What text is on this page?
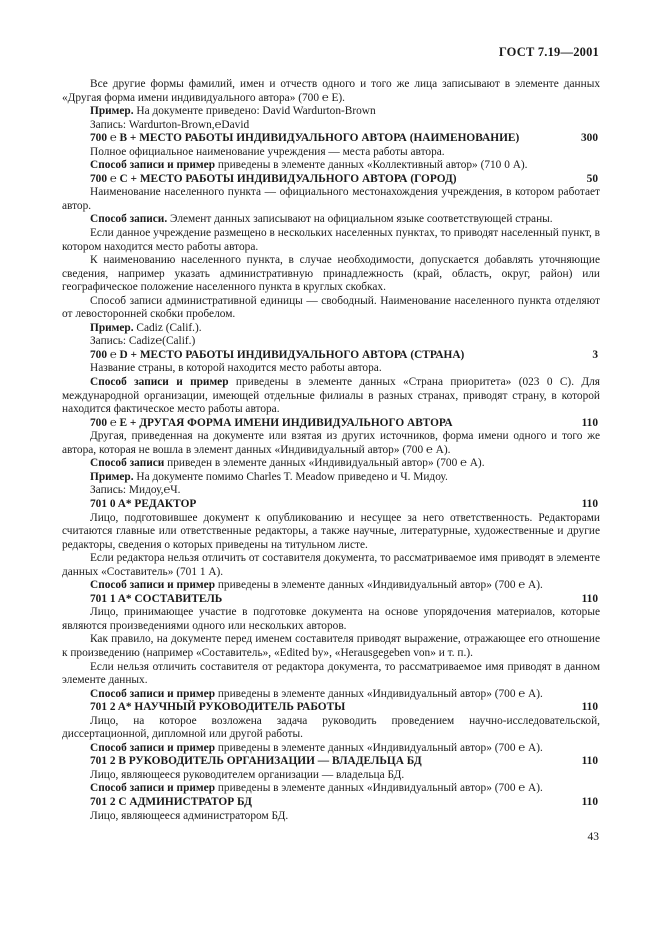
ГОСТ 7.19—2001

Все другие формы фамилий, имен и отчеств одного и того же лица записывают в элементе данных «Другая форма имени индивидуального автора» (700 ℮ E).

Пример. На документе приведено: David Wardurton-Brown

Запись: Wardurton-Brown,℮David

700 ℮ B + МЕСТО РАБОТЫ ИНДИВИДУАЛЬНОГО АВТОРА (НАИМЕНОВАНИЕ)	300

Полное официальное наименование учреждения — места работы автора.

Способ записи и пример приведены в элементе данных «Коллективный автор» (710 0 A).

700 ℮ C + МЕСТО РАБОТЫ ИНДИВИДУАЛЬНОГО АВТОРА (ГОРОД)	50

Наименование населенного пункта — официального местонахождения учреждения, в котором работает автор.

Способ записи. Элемент данных записывают на официальном языке соответствующей страны.

Если данное учреждение размещено в нескольких населенных пунктах, то приводят населенный пункт, в котором находится место работы автора.

К наименованию населенного пункта, в случае необходимости, допускается добавлять уточняющие сведения, например указать административную принадлежность (край, область, округ, район) или географическое положение населенного пункта в круглых скобках.

Способ записи административной единицы — свободный. Наименование населенного пункта отделяют от левосторонней скобки пробелом.

Пример. Cadiz (Calif.).

Запись: Cadiz℮(Calif.)

700 ℮ D + МЕСТО РАБОТЫ ИНДИВИДУАЛЬНОГО АВТОРА (СТРАНА)	3

Название страны, в которой находится место работы автора.

Способ записи и пример приведены в элементе данных «Страна приоритета» (023 0 C). Для международной организации, имеющей отдельные филиалы в разных странах, приводят страну, в которой находится фактическое место работы автора.

700 ℮ E + ДРУГАЯ ФОРМА ИМЕНИ ИНДИВИДУАЛЬНОГО АВТОРА	110

Другая, приведенная на документе или взятая из других источников, форма имени одного и того же автора, которая не вошла в элемент данных «Индивидуальный автор» (700 ℮ A).

Способ записи приведен в элементе данных «Индивидуальный автор» (700 ℮ A).

Пример. На документе помимо Charles T. Meadow приведено и Ч. Мидоу.

Запись: Мидоу,℮Ч.

701 0 A* РЕДАКТОР	110

Лицо, подготовившее документ к опубликованию и несущее за него ответственность. Редакторами считаются главные или ответственные редакторы, а также научные, литературные, художественные и другие редакторы, сведения о которых приведены на титульном листе.

Если редактора нельзя отличить от составителя документа, то рассматриваемое имя приводят в элементе данных «Составитель» (701 1 A).

Способ записи и пример приведены в элементе данных «Индивидуальный автор» (700 ℮ A).

701 1 A* СОСТАВИТЕЛЬ	110

Лицо, принимающее участие в подготовке документа на основе упорядочения материалов, которые являются произведениями одного или нескольких авторов.

Как правило, на документе перед именем составителя приводят выражение, отражающее его отношение к произведению (например «Составитель», «Edited by», «Herausgegeben von» и т. п.).

Если нельзя отличить составителя от редактора документа, то рассматриваемое имя приводят в данном элементе данных.

Способ записи и пример приведены в элементе данных «Индивидуальный автор» (700 ℮ A).

701 2 A* НАУЧНЫЙ РУКОВОДИТЕЛЬ РАБОТЫ	110

Лицо, на которое возложена задача руководить проведением научно-исследовательской, диссертационной, дипломной или другой работы.

Способ записи и пример приведены в элементе данных «Индивидуальный автор» (700 ℮ A).

701 2 B РУКОВОДИТЕЛЬ ОРГАНИЗАЦИИ — ВЛАДЕЛЬЦА БД	110

Лицо, являющееся руководителем организации — владельца БД.

Способ записи и пример приведены в элементе данных «Индивидуальный автор» (700 ℮ A).

701 2 C АДМИНИСТРАТОР БД	110

Лицо, являющееся администратором БД.

43
